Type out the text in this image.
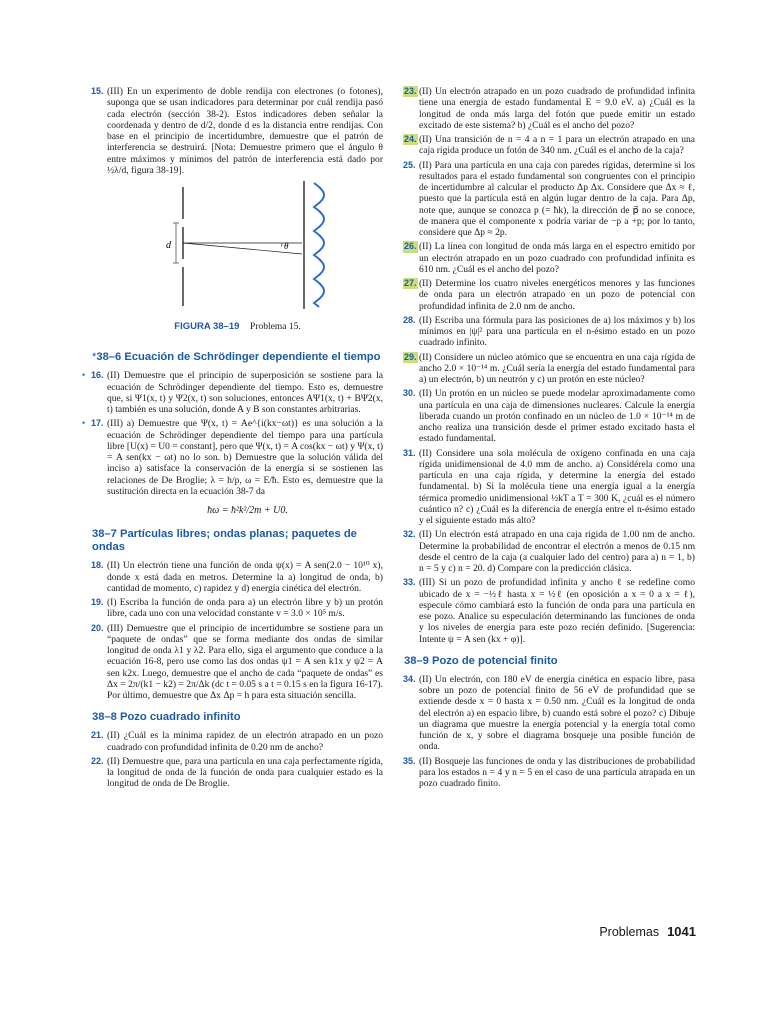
15. (III) En un experimento de doble rendija con electrones (o fotones), suponga que se usan indicadores para determinar por cuál rendija pasó cada electrón (sección 38-2). Estos indicadores deben señalar la coordenada y dentro de d/2, donde d es la distancia entre rendijas. Con base en el principio de incertidumbre, demuestre que el patrón de interferencia se destruirá. [Nota: Demuestre primero que el ángulo θ entre máximos y mínimos del patrón de interferencia está dado por ½λ/d, figura 38-19].
d	θ
FIGURA 38–19 Problema 15.
*38–6 Ecuación de Schrödinger dependiente el tiempo
• 16. (II) Demuestre que el principio de superposición se sostiene para la ecuación de Schrödinger dependiente del tiempo. Esto es, demuestre que, si Ψ1(x, t) y Ψ2(x, t) son soluciones, entonces AΨ1(x, t) + BΨ2(x, t) también es una solución, donde A y B son constantes arbitrarias.
• 17. (III) a) Demuestre que Ψ(x, t) = Ae^{i(kx−ωt)} es una solución a la ecuación de Schrödinger dependiente del tiempo para una partícula libre [U(x) = U0 = constant], pero que Ψ(x, t) = A cos(kx − ωt) y Ψ(x, t) = A sen(kx − ωt) no lo son. b) Demuestre que la solución válida del inciso a) satisface la conservación de la energía si se sostienen las relaciones de De Broglie; λ = h/p, ω = E/ħ. Esto es, demuestre que la sustitución directa en la ecuación 38-7 da
ħω = ħ²k²/2m + U0.
38–7 Partículas libres; ondas planas; paquetes de ondas
18. (II) Un electrón tiene una función de onda ψ(x) = A sen(2.0 − 10¹⁰ x), donde x está dada en metros. Determine la a) longitud de onda, b) cantidad de momento, c) rapidez y d) energía cinética del electrón.
19. (I) Escriba la función de onda para a) un electrón libre y b) un protón libre, cada uno con una velocidad constante v = 3.0 × 10⁵ m/s.
20. (III) Demuestre que el principio de incertidumbre se sostiene para un “paquete de ondas” que se forma mediante dos ondas de similar longitud de onda λ1 y λ2. Para ello, siga el argumento que conduce a la ecuación 16-8, pero use como las dos ondas ψ1 = A sen k1x y ψ2 = A sen k2x. Luego, demuestre que el ancho de cada “paquete de ondas” es Δx = 2π/(k1 − k2) = 2π/Δk (dc t = 0.05 s a t = 0.15 s en la figura 16-17). Por último, demuestre que Δx Δp = h para esta situación sencilla.
38–8 Pozo cuadrado infinito
21. (II) ¿Cuál es la mínima rapidez de un electrón atrapado en un pozo cuadrado con profundidad infinita de 0.20 nm de ancho?
22. (II) Demuestre que, para una partícula en una caja perfectamente rígida, la longitud de onda de la función de onda para cualquier estado es la longitud de onda de De Broglie.
23. (II) Un electrón atrapado en un pozo cuadrado de profundidad infinita tiene una energía de estado fundamental E = 9.0 eV. a) ¿Cuál es la longitud de onda más larga del fotón que puede emitir un estado excitado de este sistema? b) ¿Cuál es el ancho del pozo?
24. (II) Una transición de n = 4 a n = 1 para un electrón atrapado en una caja rígida produce un fotón de 340 nm. ¿Cuál es el ancho de la caja?
25. (II) Para una partícula en una caja con paredes rígidas, determine si los resultados para el estado fundamental son congruentes con el principio de incertidumbre al calcular el producto Δp Δx. Considere que Δx ≈ ℓ, puesto que la partícula está en algún lugar dentro de la caja. Para Δp, note que, aunque se conozca p (= ħk), la dirección de p⃗ no se conoce, de manera que el componente x podría variar de −p a +p; por lo tanto, considere que Δp ≈ 2p.
26. (II) La línea con longitud de onda más larga en el espectro emitido por un electrón atrapado en un pozo cuadrado con profundidad infinita es 610 nm. ¿Cuál es el ancho del pozo?
27. (II) Determine los cuatro niveles energéticos menores y las funciones de onda para un electrón atrapado en un pozo de potencial con profundidad infinita de 2.0 nm de ancho.
28. (II) Escriba una fórmula para las posiciones de a) los máximos y b) los mínimos en |ψ|² para una partícula en el n-ésimo estado en un pozo cuadrado infinito.
29. (II) Considere un núcleo atómico que se encuentra en una caja rígida de ancho 2.0 × 10⁻¹⁴ m. ¿Cuál sería la energía del estado fundamental para a) un electrón, b) un neutrón y c) un protón en este núcleo?
30. (II) Un protón en un núcleo se puede modelar aproximadamente como una partícula en una caja de dimensiones nucleares. Calcule la energía liberada cuando un protón confinado en un núcleo de 1.0 × 10⁻¹⁴ m de ancho realiza una transición desde el primer estado excitado hasta el estado fundamental.
31. (II) Considere una sola molécula de oxígeno confinada en una caja rígida unidimensional de 4.0 mm de ancho. a) Considérela como una partícula en una caja rígida, y determine la energía del estado fundamental. b) Si la molécula tiene una energía igual a la energía térmica promedio unidimensional ½kT a T = 300 K, ¿cuál es el número cuántico n? c) ¿Cuál es la diferencia de energía entre el n-ésimo estado y el siguiente estado más alto?
32. (II) Un electrón está atrapado en una caja rígida de 1.00 nm de ancho. Determine la probabilidad de encontrar el electrón a menos de 0.15 nm desde el centro de la caja (a cualquier lado del centro) para a) n = 1, b) n = 5 y c) n = 20. d) Compare con la predicción clásica.
33. (III) Si un pozo de profundidad infinita y ancho ℓ se redefine como ubicado de x = −½ℓ hasta x = ½ℓ (en oposición a x = 0 a x = ℓ), especule cómo cambiará esto la función de onda para una partícula en ese pozo. Analice su especulación determinando las funciones de onda y los niveles de energía para este pozo recién definido. [Sugerencia: Intente ψ = A sen (kx + φ)].
38–9 Pozo de potencial finito
34. (II) Un electrón, con 180 eV de energía cinética en espacio libre, pasa sobre un pozo de potencial finito de 56 eV de profundidad que se extiende desde x = 0 hasta x = 0.50 nm. ¿Cuál es la longitud de onda del electrón a) en espacio libre, b) cuando está sobre el pozo? c) Dibuje un diagrama que muestre la energía potencial y la energía total como función de x, y sobre el diagrama bosqueje una posible función de onda.
35. (II) Bosqueje las funciones de onda y las distribuciones de probabilidad para los estados n = 4 y n = 5 en el caso de una partícula atrapada en un pozo cuadrado finito.
Problemas 1041
